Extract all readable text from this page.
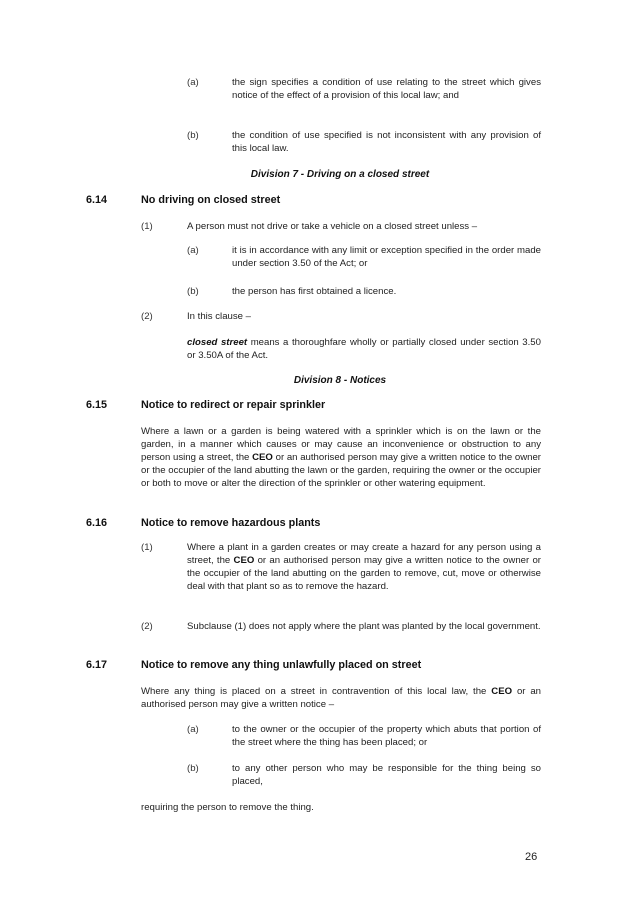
(a)	the sign specifies a condition of use relating to the street which gives notice of the effect of a provision of this local law; and
(b)	the condition of use specified is not inconsistent with any provision of this local law.
Division 7 - Driving on a closed street
6.14	No driving on closed street
(1)	A person must not drive or take a vehicle on a closed street unless –
(a)	it is in accordance with any limit or exception specified in the order made under section 3.50 of the Act; or
(b)	the person has first obtained a licence.
(2)	In this clause –
closed street means a thoroughfare wholly or partially closed under section 3.50 or 3.50A of the Act.
Division 8 - Notices
6.15	Notice to redirect or repair sprinkler
Where a lawn or a garden is being watered with a sprinkler which is on the lawn or the garden, in a manner which causes or may cause an inconvenience or obstruction to any person using a street, the CEO or an authorised person may give a written notice to the owner or the occupier of the land abutting the lawn or the garden, requiring the owner or the occupier or both to move or alter the direction of the sprinkler or other watering equipment.
6.16	Notice to remove hazardous plants
(1)	Where a plant in a garden creates or may create a hazard for any person using a street, the CEO or an authorised person may give a written notice to the owner or the occupier of the land abutting on the garden to remove, cut, move or otherwise deal with that plant so as to remove the hazard.
(2)	Subclause (1) does not apply where the plant was planted by the local government.
6.17	Notice to remove any thing unlawfully placed on street
Where any thing is placed on a street in contravention of this local law, the CEO or an authorised person may give a written notice –
(a)	to the owner or the occupier of the property which abuts that portion of the street where the thing has been placed; or
(b)	to any other person who may be responsible for the thing being so placed,
requiring the person to remove the thing.
26
